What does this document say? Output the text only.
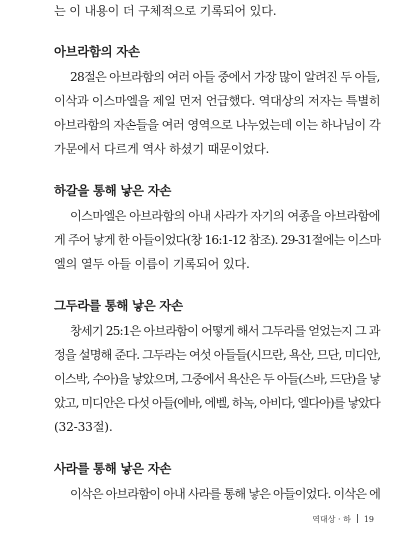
는 이 내용이 더 구체적으로 기록되어 있다.
아브라함의 자손
28절은 아브라함의 여러 아들 중에서 가장 많이 알려진 두 아들,
이삭과 이스마엘을 제일 먼저 언급했다. 역대상의 저자는 특별히
아브라함의 자손들을 여러 영역으로 나누었는데 이는 하나님이 각
가문에서 다르게 역사 하셨기 때문이었다.
하갈을 통해 낳은 자손
이스마엘은 아브라함의 아내 사라가 자기의 여종을 아브라함에
게 주어 낳게 한 아들이었다(창 16:1-12 참조). 29-31절에는 이스마
엘의 열두 아들 이름이 기록되어 있다.
그두라를 통해 낳은 자손
창세기 25:1은 아브라함이 어떻게 해서 그두라를 얻었는지 그 과
정을 설명해 준다. 그두라는 여섯 아들들(시므란, 욕산, 므단, 미디안,
이스박, 수아)을 낳았으며, 그중에서 욕산은 두 아들(스바, 드단)을 낳
았고, 미디안은 다섯 아들(에바, 에벨, 하녹, 아비다, 엘다아)를 낳았다
(32-33절).
사라를 통해 낳은 자손
이삭은 아브라함이 아내 사라를 통해 낳은 아들이었다. 이삭은 에
역대상 · 하 19
